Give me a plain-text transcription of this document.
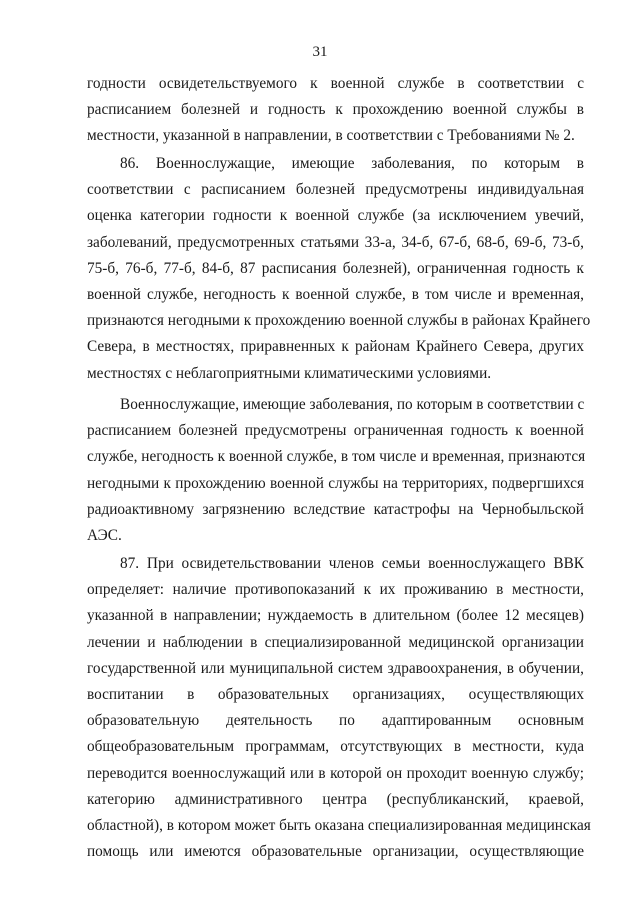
31
годности освидетельствуемого к военной службе в соответствии с
расписанием болезней и годность к прохождению военной службы в
местности, указанной в направлении, в соответствии с Требованиями № 2.
86. Военнослужащие, имеющие заболевания, по которым в
соответствии с расписанием болезней предусмотрены индивидуальная
оценка категории годности к военной службе (за исключением увечий,
заболеваний, предусмотренных статьями 33-а, 34-б, 67-б, 68-б, 69-б, 73-б,
75-б, 76-б, 77-б, 84-б, 87 расписания болезней), ограниченная годность к
военной службе, негодность к военной службе, в том числе и временная,
признаются негодными к прохождению военной службы в районах Крайнего
Севера, в местностях, приравненных к районам Крайнего Севера, других
местностях с неблагоприятными климатическими условиями.
Военнослужащие, имеющие заболевания, по которым в соответствии с
расписанием болезней предусмотрены ограниченная годность к военной
службе, негодность к военной службе, в том числе и временная, признаются
негодными к прохождению военной службы на территориях, подвергшихся
радиоактивному загрязнению вследствие катастрофы на Чернобыльской
АЭС.
87. При освидетельствовании членов семьи военнослужащего ВВК
определяет: наличие противопоказаний к их проживанию в местности,
указанной в направлении; нуждаемость в длительном (более 12 месяцев)
лечении и наблюдении в специализированной медицинской организации
государственной или муниципальной систем здравоохранения, в обучении,
воспитании в образовательных организациях, осуществляющих
образовательную деятельность по адаптированным основным
общеобразовательным программам, отсутствующих в местности, куда
переводится военнослужащий или в которой он проходит военную службу;
категорию административного центра (республиканский, краевой,
областной), в котором может быть оказана специализированная медицинская
помощь или имеются образовательные организации, осуществляющие
